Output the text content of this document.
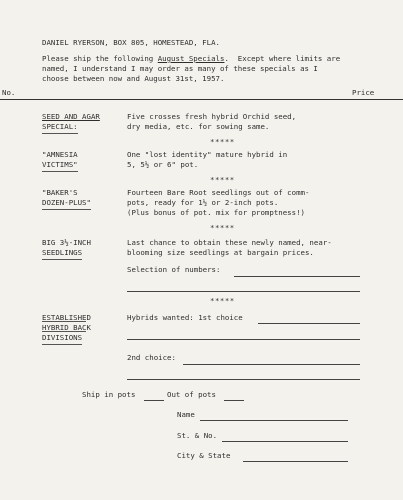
DANIEL RYERSON, BOX 805, HOMESTEAD, FLA.
Please ship the following August Specials.  Except where limits are
named, I understand I may order as many of these specials as I
choose between now and August 31st, 1957.
No.	Price
SEED AND AGAR
SPECIAL:
Five crosses fresh hybrid Orchid seed,
dry media, etc. for sowing same.
*****
"AMNESIA
VICTIMS"
One "lost identity" mature hybrid in
5, 5½ or 6" pot.
*****
"BAKER'S
DOZEN-PLUS"
Fourteen Bare Root seedlings out of comm-
pots, ready for 1½ or 2-inch pots.
(Plus bonus of pot. mix for promptness!)
*****
BIG 3½-INCH
SEEDLINGS
Last chance to obtain these newly named, near-
blooming size seedlings at bargain prices.
Selection of numbers:
*****
ESTABLISHED
HYBRID BACK
DIVISIONS
Hybrids wanted: 1st choice
2nd choice:
Ship in pots	Out of pots
Name
St. & No.
City & State
